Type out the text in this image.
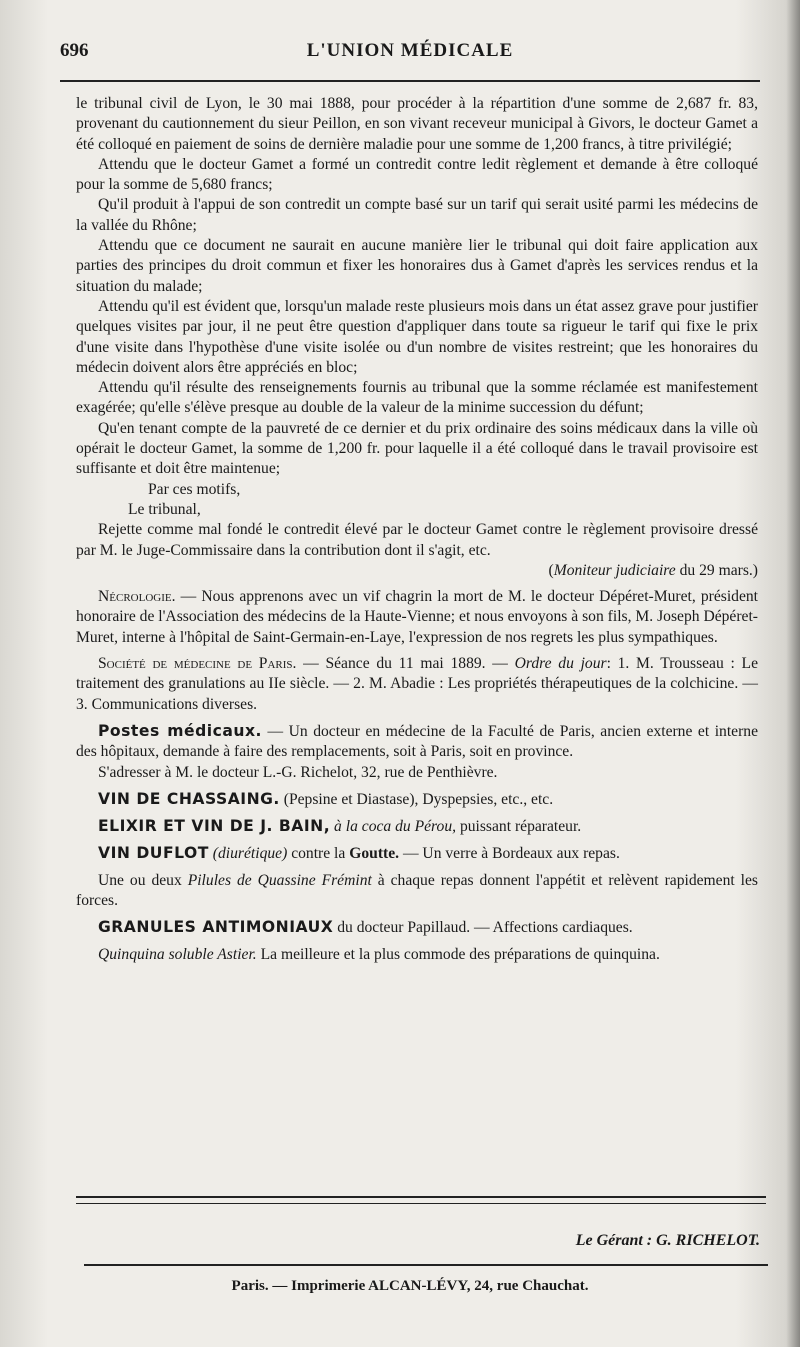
696	L'UNION MÉDICALE

le tribunal civil de Lyon, le 30 mai 1888, pour procéder à la répartition d'une somme de 2,687 fr. 83, provenant du cautionnement du sieur Peillon, en son vivant receveur municipal à Givors, le docteur Gamet a été colloqué en paiement de soins de dernière maladie pour une somme de 1,200 francs, à titre privilégié;

Attendu que le docteur Gamet a formé un contredit contre ledit règlement et demande à être colloqué pour la somme de 5,680 francs;

Qu'il produit à l'appui de son contredit un compte basé sur un tarif qui serait usité parmi les médecins de la vallée du Rhône;

Attendu que ce document ne saurait en aucune manière lier le tribunal qui doit faire application aux parties des principes du droit commun et fixer les honoraires dus à Gamet d'après les services rendus et la situation du malade;

Attendu qu'il est évident que, lorsqu'un malade reste plusieurs mois dans un état assez grave pour justifier quelques visites par jour, il ne peut être question d'appliquer dans toute sa rigueur le tarif qui fixe le prix d'une visite dans l'hypothèse d'une visite isolée ou d'un nombre de visites restreint; que les honoraires du médecin doivent alors être appréciés en bloc;

Attendu qu'il résulte des renseignements fournis au tribunal que la somme réclamée est manifestement exagérée; qu'elle s'élève presque au double de la valeur de la minime succession du défunt;

Qu'en tenant compte de la pauvreté de ce dernier et du prix ordinaire des soins médicaux dans la ville où opérait le docteur Gamet, la somme de 1,200 fr. pour laquelle il a été colloqué dans le travail provisoire est suffisante et doit être maintenue;

Par ces motifs,

Le tribunal,

Rejette comme mal fondé le contredit élevé par le docteur Gamet contre le règlement provisoire dressé par M. le Juge-Commissaire dans la contribution dont il s'agit, etc.

(Moniteur judiciaire du 29 mars.)

Nécrologie. — Nous apprenons avec un vif chagrin la mort de M. le docteur Dépéret-Muret, président honoraire de l'Association des médecins de la Haute-Vienne; et nous envoyons à son fils, M. Joseph Dépéret-Muret, interne à l'hôpital de Saint-Germain-en-Laye, l'expression de nos regrets les plus sympathiques.

Société de médecine de Paris. — Séance du 11 mai 1889. — Ordre du jour: 1. M. Trousseau : Le traitement des granulations au IIe siècle. — 2. M. Abadie : Les propriétés thérapeutiques de la colchicine. — 3. Communications diverses.

Postes médicaux. — Un docteur en médecine de la Faculté de Paris, ancien externe et interne des hôpitaux, demande à faire des remplacements, soit à Paris, soit en province.

S'adresser à M. le docteur L.-G. Richelot, 32, rue de Penthièvre.

VIN DE CHASSAING. (Pepsine et Diastase), Dyspepsies, etc., etc.

ELIXIR ET VIN DE J. BAIN, à la coca du Pérou, puissant réparateur.

VIN DUFLOT (diurétique) contre la Goutte. — Un verre à Bordeaux aux repas.

Une ou deux Pilules de Quassine Frémint à chaque repas donnent l'appétit et relèvent rapidement les forces.

GRANULES ANTIMONIAUX du docteur Papillaud. — Affections cardiaques.

Quinquina soluble Astier. La meilleure et la plus commode des préparations de quinquina.

Le Gérant : G. RICHELOT.
Paris. — Imprimerie ALCAN-LÉVY, 24, rue Chauchat.
